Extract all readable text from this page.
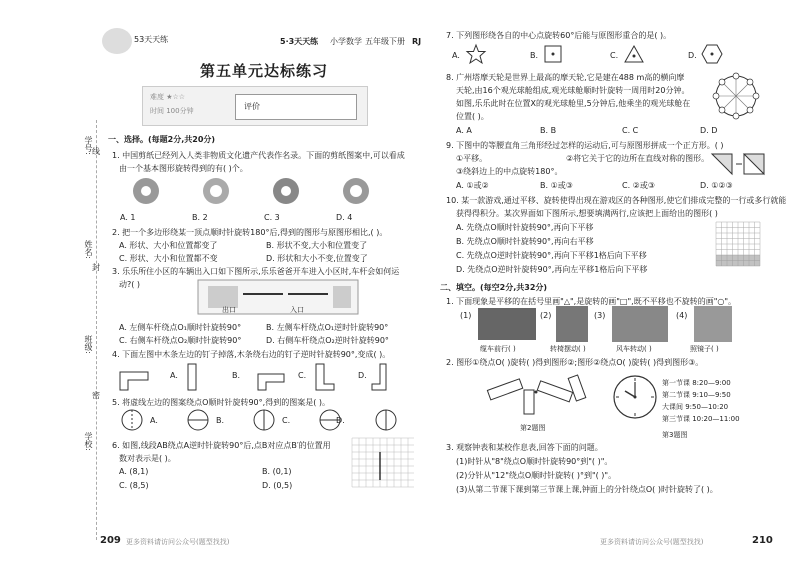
学号:
姓名:
班级:
学校:
线
封
密
53天天练	5·3天天练 小学数学 五年级下册 RJ
第五单元达标练习
难度 ★☆☆
时间 100分钟	评价
一、选择。(每题2分,共20分)
1. 中国剪纸已经列入人类非物质文化遗产代表作名录。下面的剪纸图案中,可以看成
由一个基本图形旋转得到的有( )个。
A. 1	B. 2	C. 3	D. 4
2. 把一个多边形绕某一顶点顺时针旋转180°后,得到的图形与原图形相比,( )。
A. 形状、大小和位置都变了	B. 形状不变,大小和位置变了
C. 形状、大小和位置都不变	D. 形状和大小不变,位置变了
3. 乐乐所住小区的车辆出入口如下图所示,乐乐爸爸开车进入小区时,车杆会如何运
动?( )
出口	入口
A. 左侧车杆绕点O₁顺时针旋转90°	B. 左侧车杆绕点O₁逆时针旋转90°
C. 右侧车杆绕点O₂顺时针旋转90°	D. 右侧车杆绕点O₂逆时针旋转90°
4. 下面左图中木条左边的钉子掉落,木条绕右边的钉子逆时针旋转90°,变成( )。
A.	B.	C.	D.
5. 将虚线左边的图案绕点O顺时针旋转90°,得到的图案是( )。
A.	B.	C.	D.
6. 如图,线段AB绕点A逆时针旋转90°后,点B对应点B′的位置用
数对表示是( )。
A. (8,1)	B. (0,1)
C. (8,5)	D. (0,5)
209 更多资料请访问公众号(题型找找)
7. 下列图形绕各自的中心点旋转60°后能与原图形重合的是( )。
A.	B.	C.	D.
8. 广州塔摩天轮是世界上最高的摩天轮,它是建在488 m高的横向摩
天轮,由16个观光球舱组成,观光球舱顺时针旋转一周用时20分钟。
如图,乐乐此时在位置X的观光球舱里,5分钟后,他乘坐的观光球舱在
位置( )。
A. A	B. B	C. C	D. D
9. 下图中的等腰直角三角形经过怎样的运动后,可与原图形拼成一个正方形。( )
①平移。	②将它关于它的边所在直线对称的图形。
③绕斜边上的中点旋转180°。
A. ①或②	B. ①或③	C. ②或③	D. ①②③
10. 某一款游戏,通过平移、旋转使得出现在游戏区的各种图形,使它们排成完整的一行或多行就能
获得得积分。某次界面如下图所示,想要填满两行,应该把上面给出的图形( )
A. 先绕点O顺时针旋转90°,再向下平移
B. 先绕点O顺时针旋转90°,再向右平移
C. 先绕点O逆时针旋转90°,再向下平移1格后向下平移
D. 先绕点O逆时针旋转90°,再向左平移1格后向下平移
二、填空。(每空2分,共32分)
1. 下面现象是平移的在括号里画"△",是旋转的画"□",既不平移也不旋转的画"○"。
(1)	(2)	(3)	(4)
缆车前行( )	转椅摆动( )	风车转动( )	照镜子( )
2. 图形①绕点O( )旋转( )得到图形②;图形②绕点O( )旋转( )得到图形③。
第2题图
第一节课 8:20—9:00
第二节课 9:10—9:50
大课间 9:50—10:20
第三节课 10:20—11:00
第3题图
3. 观察钟表和某校作息表,回答下面的问题。
(1)时针从"8"绕点O顺时针旋转90°到"( )"。
(2)分针从"12"绕点O顺时针旋转( )°到"( )"。
(3)从第二节课下课到第三节课上课,钟面上的分针绕点O( )时针旋转了( )。
更多资料请访问公众号(题型找找)	210
